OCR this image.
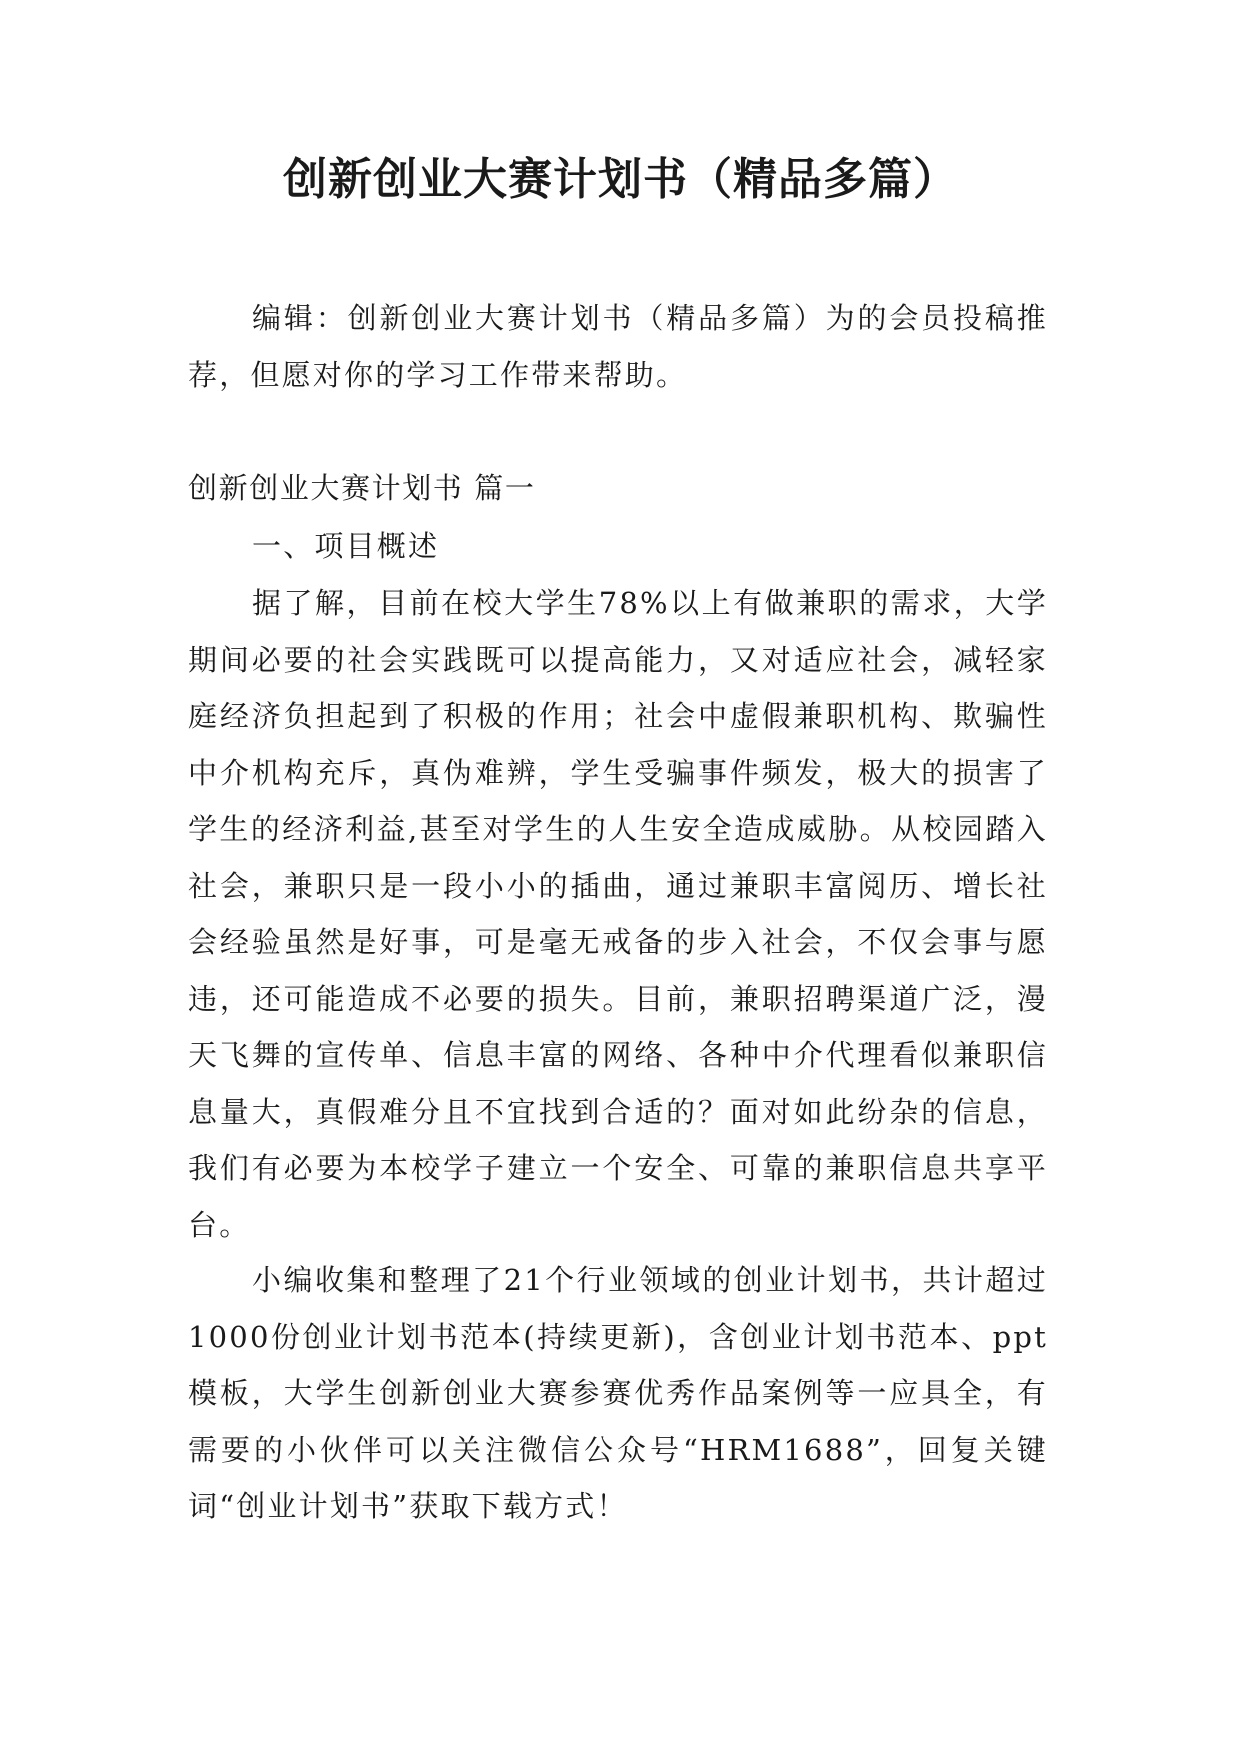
创新创业大赛计划书（精品多篇）

编辑：创新创业大赛计划书（精品多篇）为的会员投稿推荐，但愿对你的学习工作带来帮助。

创新创业大赛计划书 篇一

一、项目概述

据了解，目前在校大学生78%以上有做兼职的需求，大学期间必要的社会实践既可以提高能力，又对适应社会，减轻家庭经济负担起到了积极的作用；社会中虚假兼职机构、欺骗性中介机构充斥，真伪难辨，学生受骗事件频发，极大的损害了学生的经济利益,甚至对学生的人生安全造成威胁。从校园踏入社会，兼职只是一段小小的插曲，通过兼职丰富阅历、增长社会经验虽然是好事，可是毫无戒备的步入社会，不仅会事与愿违，还可能造成不必要的损失。目前，兼职招聘渠道广泛，漫天飞舞的宣传单、信息丰富的网络、各种中介代理看似兼职信息量大，真假难分且不宜找到合适的？面对如此纷杂的信息，我们有必要为本校学子建立一个安全、可靠的兼职信息共享平台。

小编收集和整理了21个行业领域的创业计划书，共计超过1000份创业计划书范本(持续更新)，含创业计划书范本、ppt模板，大学生创新创业大赛参赛优秀作品案例等一应具全，有需要的小伙伴可以关注微信公众号“HRM1688”，回复关键词“创业计划书”获取下载方式！
